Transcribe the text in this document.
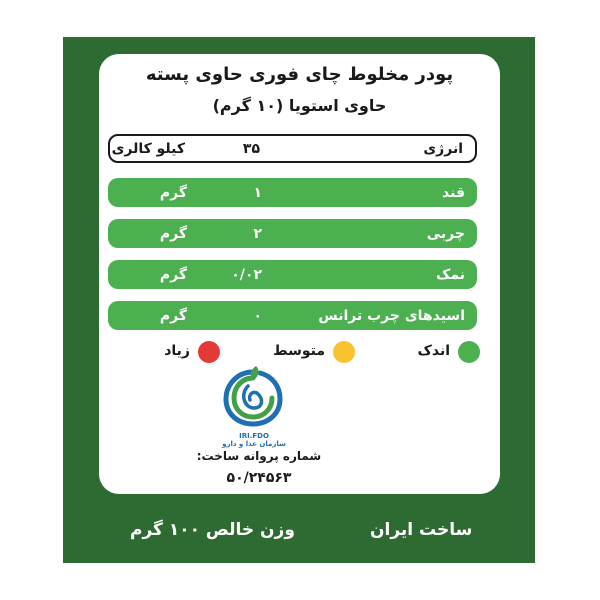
پودر مخلوط چای فوری حاوی پسته
حاوی استویا (۱۰ گرم)
انرژی
۳۵
کیلو کالری
قند
۱
گرم
چربی
۲
گرم
نمک
۰/۰۲
گرم
اسیدهای چرب ترانس
۰
گرم
اندک
متوسط
زیاد
IRI.FDO
سازمان غذا و دارو
شماره پروانه ساخت:
۵۰/۲۴۵۶۳
وزن خالص ۱۰۰ گرم	ساخت ایران
